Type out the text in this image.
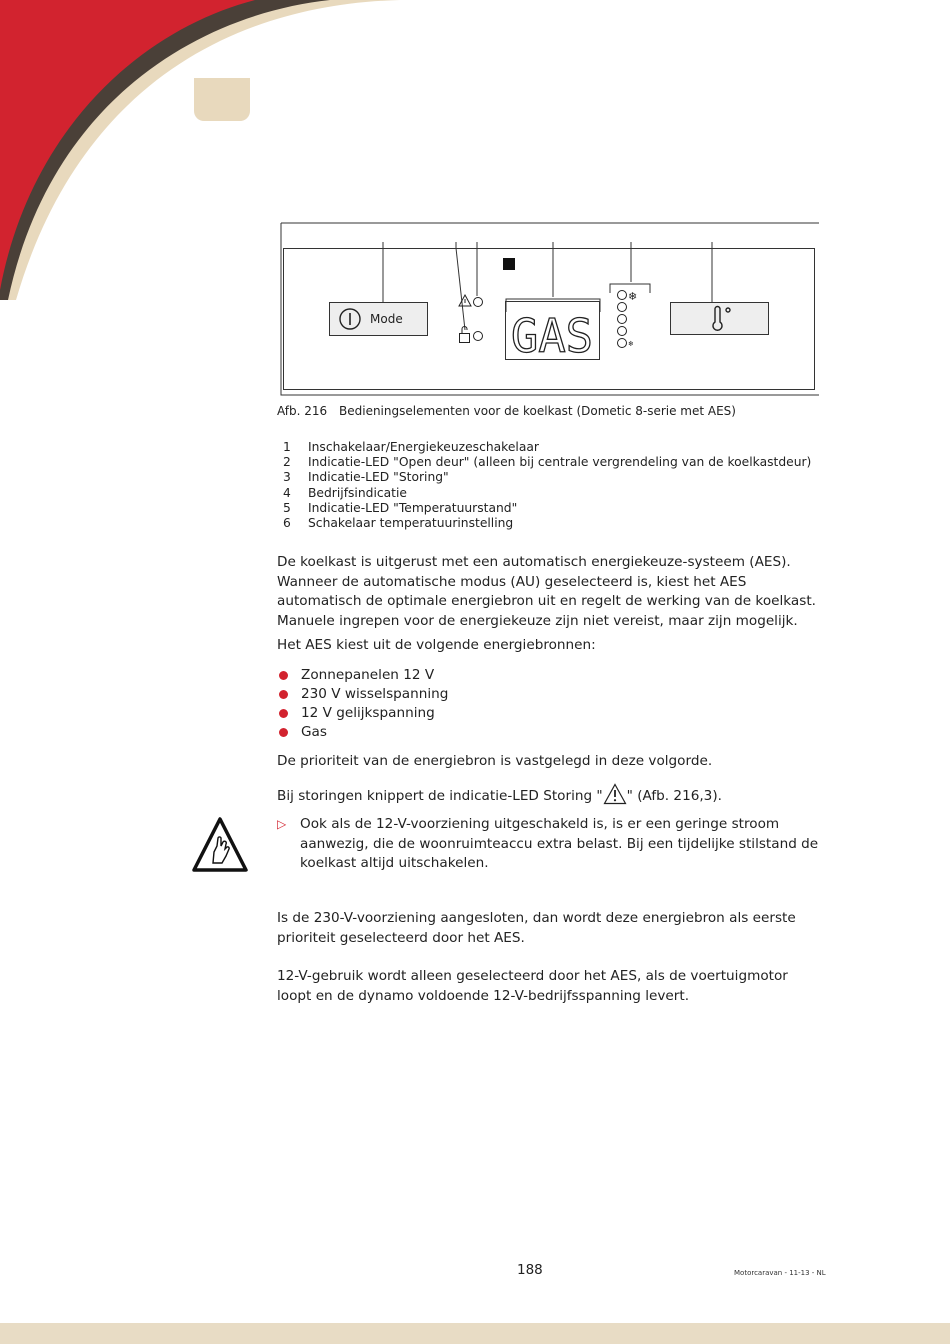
Mode GAS
❄
❄
Afb. 216 Bedieningselementen voor de koelkast (Dometic 8-serie met AES)
1	Inschakelaar/Energiekeuzeschakelaar
2	Indicatie-LED "Open deur" (alleen bij centrale vergrendeling van de koelkastdeur)
3	Indicatie-LED "Storing"
4	Bedrijfsindicatie
5	Indicatie-LED "Temperatuurstand"
6	Schakelaar temperatuurinstelling
De koelkast is uitgerust met een automatisch energiekeuze-systeem (AES). Wanneer de automatische modus (AU) geselecteerd is, kiest het AES automatisch de optimale energiebron uit en regelt de werking van de koelkast. Manuele ingrepen voor de energiekeuze zijn niet vereist, maar zijn mogelijk.
Het AES kiest uit de volgende energiebronnen:
Zonnepanelen 12 V
230 V wisselspanning
12 V gelijkspanning
Gas
De prioriteit van de energiebron is vastgelegd in deze volgorde.
Bij storingen knippert de indicatie-LED Storing " " (Afb. 216,3).
▷	Ook als de 12-V-voorziening uitgeschakeld is, is er een geringe stroom aanwezig, die de woonruimteaccu extra belast. Bij een tijdelijke stilstand de koelkast altijd uitschakelen.
Is de 230-V-voorziening aangesloten, dan wordt deze energiebron als eerste prioriteit geselecteerd door het AES.
12-V-gebruik wordt alleen geselecteerd door het AES, als de voertuigmotor loopt en de dynamo voldoende 12-V-bedrijfsspanning levert.
188	Motorcaravan - 11-13 - NL
